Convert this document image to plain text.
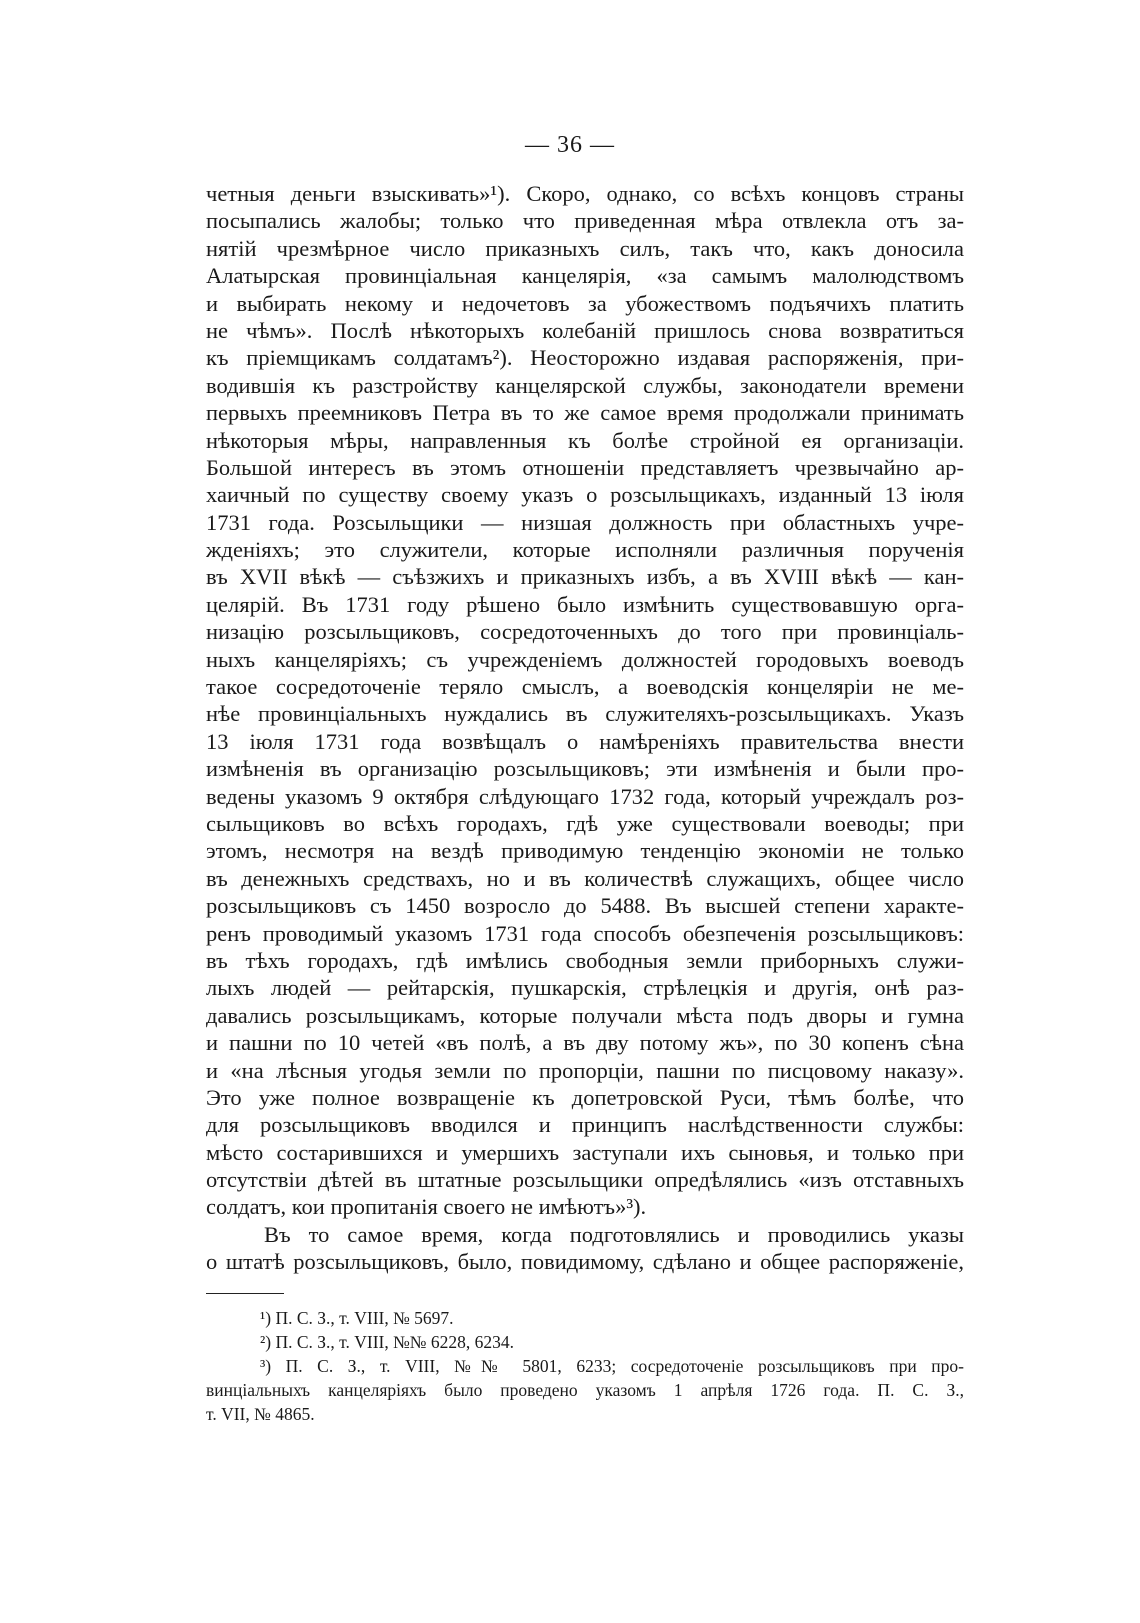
— 36 —
четныя деньги взыскивать»¹). Скоро, однако, со всѣхъ концовъ страны
посыпались жалобы; только что приведенная мѣра отвлекла отъ за-
нятій чрезмѣрное число приказныхъ силъ, такъ что, какъ доносила
Алатырская провинціальная канцелярія, «за самымъ малолюдствомъ
и выбирать некому и недочетовъ за убожествомъ подъячихъ платить
не чѣмъ». Послѣ нѣкоторыхъ колебаній пришлось снова возвратиться
къ пріемщикамъ солдатамъ²). Неосторожно издавая распоряженія, при-
водившія къ разстройству канцелярской службы, законодатели времени
первыхъ преемниковъ Петра въ то же самое время продолжали принимать
нѣкоторыя мѣры, направленныя къ болѣе стройной ея организаціи.
Большой интересъ въ этомъ отношеніи представляетъ чрезвычайно ар-
хаичный по существу своему указъ о розсыльщикахъ, изданный 13 іюля
1731 года. Розсыльщики — низшая должность при областныхъ учре-
жденіяхъ; это служители, которые исполняли различныя порученія
въ XVII вѣкѣ — съѣзжихъ и приказныхъ избъ, а въ XVIII вѣкѣ — кан-
целярій. Въ 1731 году рѣшено было измѣнить существовавшую орга-
низацію розсыльщиковъ, сосредоточенныхъ до того при провинціаль-
ныхъ канцеляріяхъ; съ учрежденіемъ должностей городовыхъ воеводъ
такое сосредоточеніе теряло смыслъ, а воеводскія концеляріи не ме-
нѣе провинціальныхъ нуждались въ служителяхъ-розсыльщикахъ. Указъ
13 іюля 1731 года возвѣщалъ о намѣреніяхъ правительства внести
измѣненія въ организацію розсыльщиковъ; эти измѣненія и были про-
ведены указомъ 9 октября слѣдующаго 1732 года, который учреждалъ роз-
сыльщиковъ во всѣхъ городахъ, гдѣ уже существовали воеводы; при
этомъ, несмотря на вездѣ приводимую тенденцію экономіи не только
въ денежныхъ средствахъ, но и въ количествѣ служащихъ, общее число
розсыльщиковъ съ 1450 возросло до 5488. Въ высшей степени характе-
ренъ проводимый указомъ 1731 года способъ обезпеченія розсыльщиковъ:
въ тѣхъ городахъ, гдѣ имѣлись свободныя земли приборныхъ служи-
лыхъ людей — рейтарскія, пушкарскія, стрѣлецкія и другія, онѣ раз-
давались розсыльщикамъ, которые получали мѣста подъ дворы и гумна
и пашни по 10 четей «въ полѣ, а въ дву потому жъ», по 30 копенъ сѣна
и «на лѣсныя угодья земли по пропорціи, пашни по писцовому наказу».
Это уже полное возвращеніе къ допетровской Руси, тѣмъ болѣе, что
для розсыльщиковъ вводился и принципъ наслѣдственности службы:
мѣсто состарившихся и умершихъ заступали ихъ сыновья, и только при
отсутствіи дѣтей въ штатные розсыльщики опредѣлялись «изъ отставныхъ
солдатъ, кои пропитанія своего не имѣютъ»³).
Въ то самое время, когда подготовлялись и проводились указы
о штатѣ розсыльщиковъ, было, повидимому, сдѣлано и общее распоряженіе,
¹) П. С. З., т. VIII, № 5697.
²) П. С. З., т. VIII, №№ 6228, 6234.
³) П. С. З., т. VIII, №№ 5801, 6233; сосредоточеніе розсыльщиковъ при про-
винціальныхъ канцеляріяхъ было проведено указомъ 1 апрѣля 1726 года. П. С. З.,
т. VII, № 4865.
